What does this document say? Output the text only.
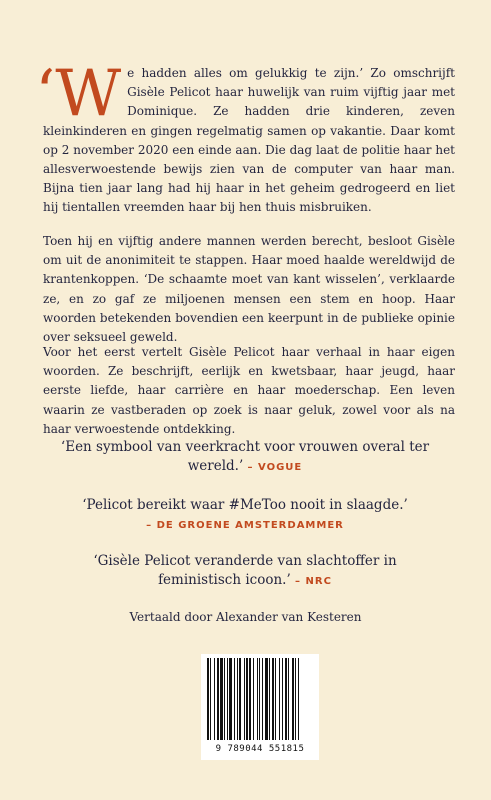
‘W e hadden alles om gelukkig te zijn.’ Zo omschrijft Gisèle Pelicot haar huwelijk van ruim vijftig jaar met Dominique. Ze hadden drie kinderen, zeven kleinkinderen en gingen regelmatig samen op vakantie. Daar komt op 2 november 2020 een einde aan. Die dag laat de politie haar het allesverwoestende bewijs zien van de computer van haar man. Bijna tien jaar lang had hij haar in het geheim gedrogeerd en liet hij tientallen vreemden haar bij hen thuis misbruiken.

Toen hij en vijftig andere mannen werden berecht, besloot Gisèle om uit de anonimiteit te stappen. Haar moed haalde wereldwijd de krantenkoppen. ‘De schaamte moet van kant wisselen’, verklaarde ze, en zo gaf ze miljoenen mensen een stem en hoop. Haar woorden betekenden bovendien een keerpunt in de publieke opinie over seksueel geweld.

Voor het eerst vertelt Gisèle Pelicot haar verhaal in haar eigen woorden. Ze beschrijft, eerlijk en kwetsbaar, haar jeugd, haar eerste liefde, haar carrière en haar moederschap. Een leven waarin ze vastberaden op zoek is naar geluk, zowel voor als na haar verwoestende ontdekking.

‘Een symbool van veerkracht voor vrouwen overal ter wereld.’ – VOGUE
‘Pelicot bereikt waar #MeToo nooit in slaagde.’
– DE GROENE AMSTERDAMMER
‘Gisèle Pelicot veranderde van slachtoffer in feministisch icoon.’ – NRC
Vertaald door Alexander van Kesteren
9 789044 551815
